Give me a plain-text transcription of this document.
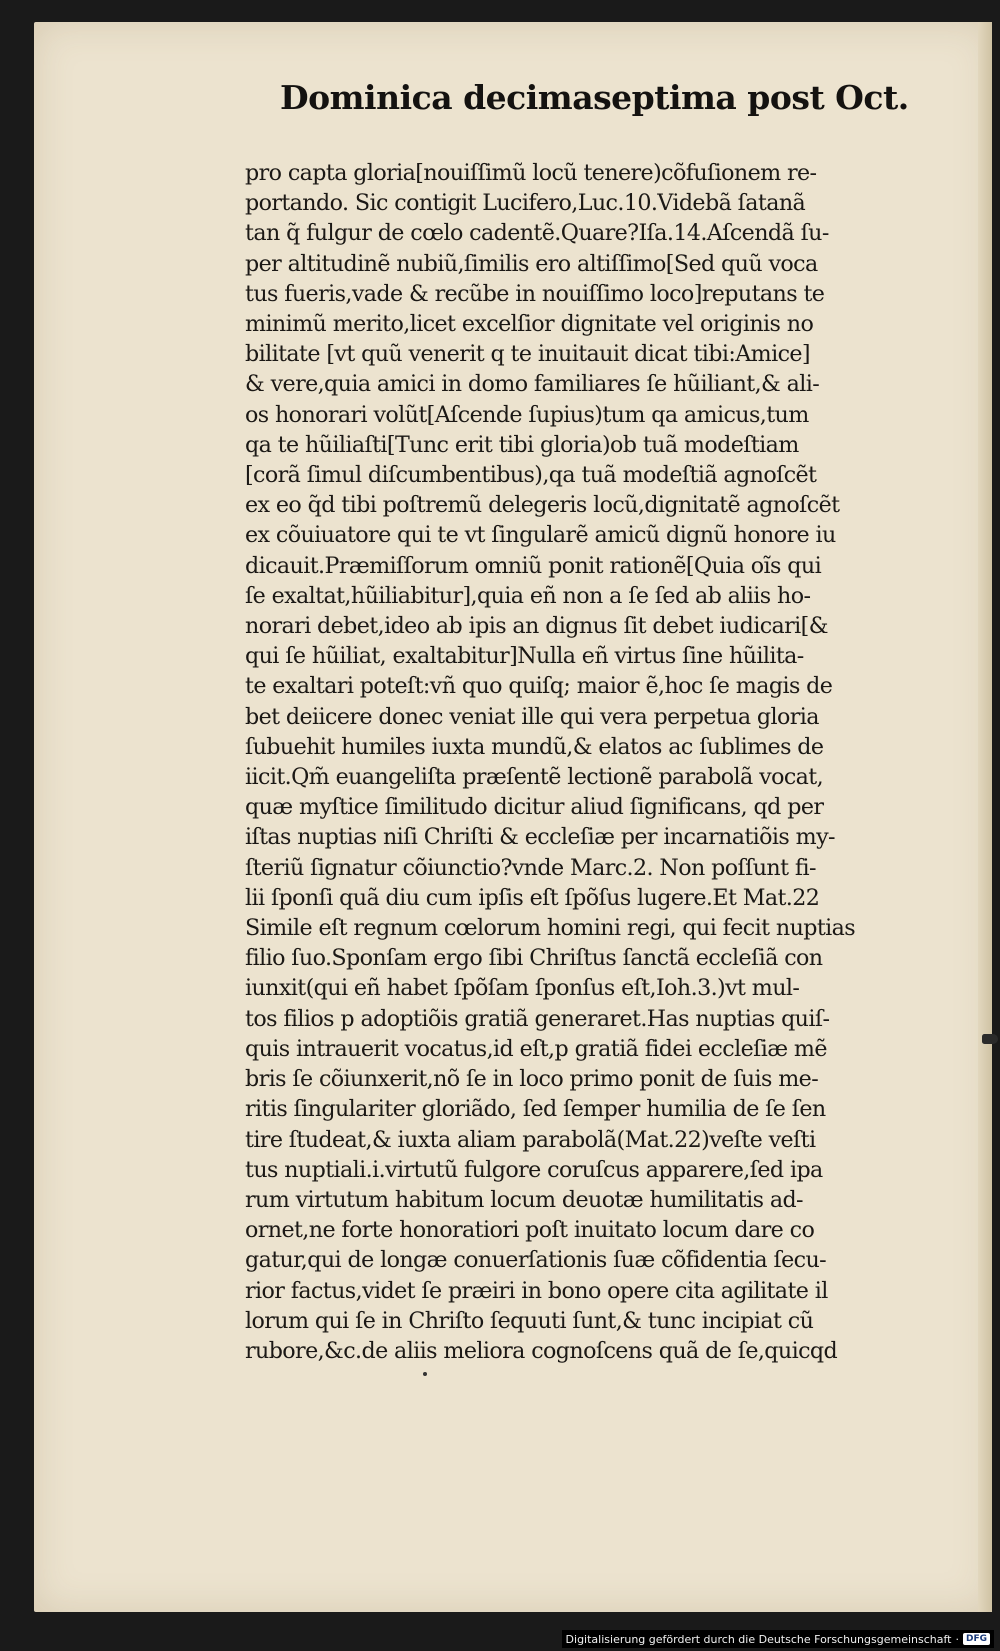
Dominica decimaseptima post Oct.
pro capta gloria[nouiſſimũ locũ tenere)cõfuſionem re-
portando. Sic contigit Lucifero,Luc.10.Videbã ſatanã
tan q̃ fulgur de cœlo cadentẽ.Quare?Iſa.14.Aſcendã ſu-
per altitudinẽ nubiũ,ſimilis ero altiſſimo[Sed quũ voca
tus fueris,vade & recũbe in nouiſſimo loco]reputans te
minimũ merito,licet excelſior dignitate vel originis no
bilitate [vt quũ venerit q te inuitauit dicat tibi:Amice]
& vere,quia amici in domo familiares ſe hũiliant,& ali-
os honorari volũt[Aſcende ſupius)tum qa amicus,tum
qa te hũiliaſti[Tunc erit tibi gloria)ob tuã modeſtiam
[corã ſimul diſcumbentibus),qa tuã modeſtiã agnoſcẽt
ex eo q̃d tibi poſtremũ delegeris locũ,dignitatẽ agnoſcẽt
ex cõuiuatore qui te vt ſingularẽ amicũ dignũ honore iu
dicauit.Præmiſſorum omniũ ponit rationẽ[Quia oĩs qui
ſe exaltat,hũiliabitur],quia eñ non a ſe ſed ab aliis ho-
norari debet,ideo ab ipis an dignus ſit debet iudicari[&
qui ſe hũiliat, exaltabitur]Nulla eñ virtus ſine hũilita-
te exaltari poteſt:vñ quo quiſq; maior ẽ,hoc ſe magis de
bet deiicere donec veniat ille qui vera perpetua gloria
ſubuehit humiles iuxta mundũ,& elatos ac ſublimes de
iicit.Qm̃ euangeliſta præſentẽ lectionẽ parabolã vocat,
quæ myſtice ſimilitudo dicitur aliud ſignificans, qd per
iſtas nuptias niſi Chriſti & eccleſiæ per incarnatiõis my-
ſteriũ ſignatur cõiunctio?vnde Marc.2. Non poſſunt fi-
lii ſponſi quã diu cum ipſis eſt ſpõſus lugere.Et Mat.22
Simile eſt regnum cœlorum homini regi, qui fecit nuptias
filio ſuo.Sponſam ergo ſibi Chriſtus ſanctã eccleſiã con
iunxit(qui eñ habet ſpõſam ſponſus eſt,Ioh.3.)vt mul-
tos filios p adoptiõis gratiã generaret.Has nuptias quiſ-
quis intrauerit vocatus,id eſt,p gratiã fidei eccleſiæ mẽ
bris ſe cõiunxerit,nõ ſe in loco primo ponit de ſuis me-
ritis ſingulariter gloriãdo, ſed ſemper humilia de ſe ſen
tire ſtudeat,& iuxta aliam parabolã(Mat.22)veſte veſti
tus nuptiali.i.virtutũ fulgore coruſcus apparere,ſed ipa
rum virtutum habitum locum deuotæ humilitatis ad-
ornet,ne forte honoratiori poſt inuitato locum dare co
gatur,qui de longæ conuerſationis ſuæ cõfidentia ſecu-
rior factus,videt ſe præiri in bono opere cita agilitate il
lorum qui ſe in Chriſto ſequuti ſunt,& tunc incipiat cũ
rubore,&c.de aliis meliora cognoſcens quã de ſe,quicqd
Digitalisierung gefördert durch die Deutsche Forschungsgemeinschaft · DFG
